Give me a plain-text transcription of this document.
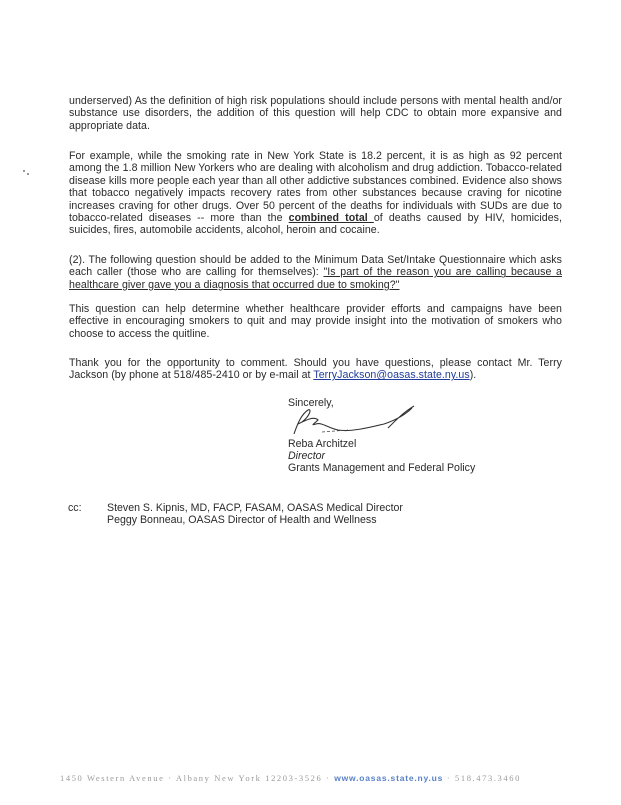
underserved) As the definition of high risk populations should include persons with mental health and/or substance use disorders, the addition of this question will help CDC to obtain more expansive and appropriate data.
For example, while the smoking rate in New York State is 18.2 percent, it is as high as 92 percent among the 1.8 million New Yorkers who are dealing with alcoholism and drug addiction. Tobacco-related disease kills more people each year than all other addictive substances combined. Evidence also shows that tobacco negatively impacts recovery rates from other substances because craving for nicotine increases craving for other drugs. Over 50 percent of the deaths for individuals with SUDs are due to tobacco-related diseases -- more than the combined total of deaths caused by HIV, homicides, suicides, fires, automobile accidents, alcohol, heroin and cocaine.
(2). The following question should be added to the Minimum Data Set/Intake Questionnaire which asks each caller (those who are calling for themselves): "Is part of the reason you are calling because a healthcare giver gave you a diagnosis that occurred due to smoking?"
This question can help determine whether healthcare provider efforts and campaigns have been effective in encouraging smokers to quit and may provide insight into the motivation of smokers who choose to access the quitline.
Thank you for the opportunity to comment. Should you have questions, please contact Mr. Terry Jackson (by phone at 518/485-2410 or by e-mail at TerryJackson@oasas.state.ny.us).
Sincerely,
Reba Architzel
Director
Grants Management and Federal Policy
cc: Steven S. Kipnis, MD, FACP, FASAM, OASAS Medical Director
Peggy Bonneau, OASAS Director of Health and Wellness
1450 Western Avenue · Albany New York 12203-3526 · www.oasas.state.ny.us · 518.473.3460
